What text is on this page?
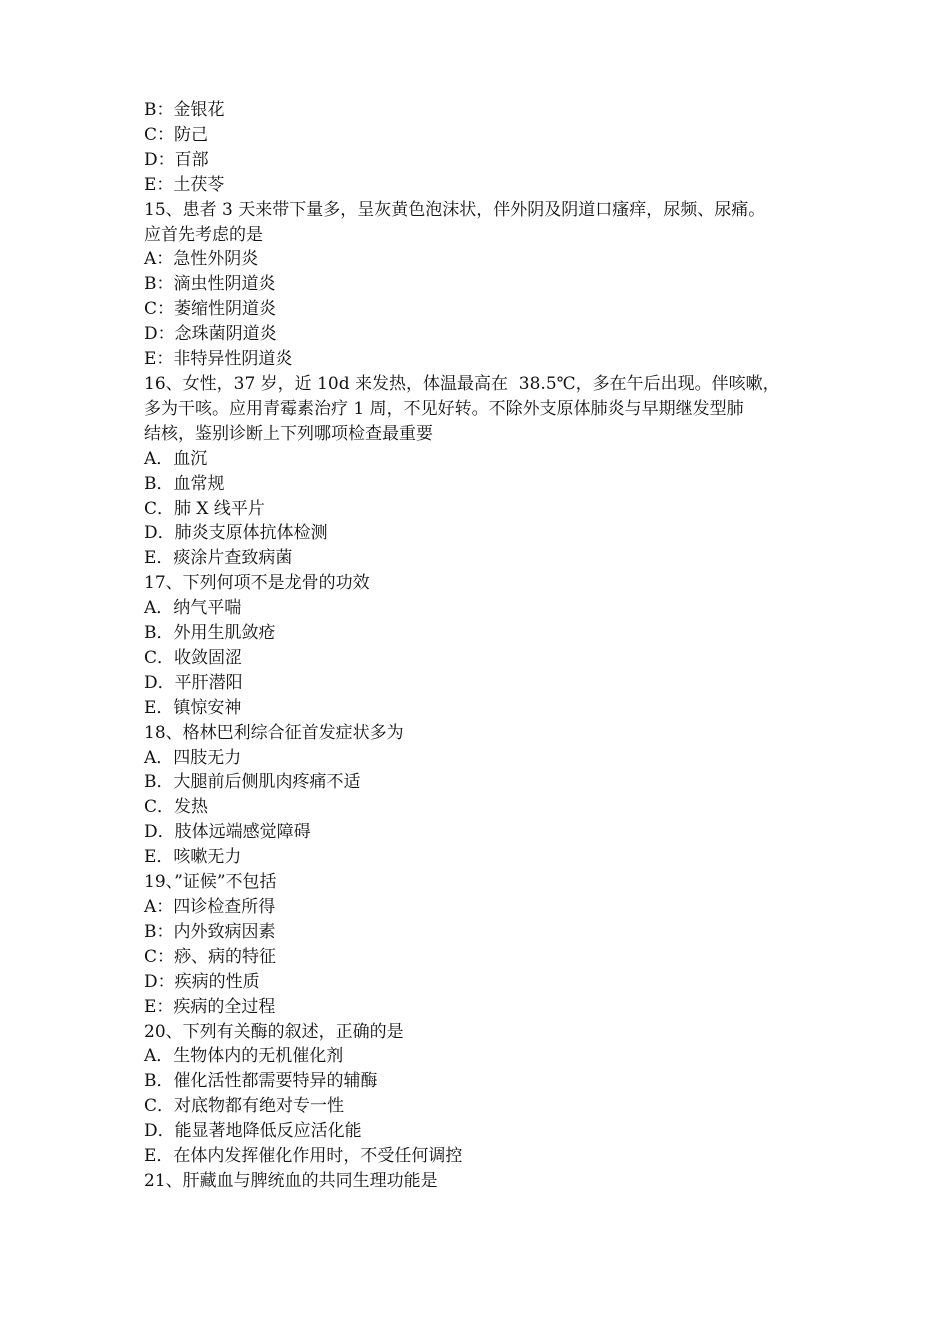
B：金银花
C：防己
D：百部
E：土茯苓
15、患者 3 天来带下量多，呈灰黄色泡沫状，伴外阴及阴道口瘙痒，尿频、尿痛。
应首先考虑的是
A：急性外阴炎
B：滴虫性阴道炎
C：萎缩性阴道炎
D：念珠菌阴道炎
E：非特异性阴道炎
16、女性，37 岁，近 10d 来发热，体温最高在  38.5℃，多在午后出现。伴咳嗽，
多为干咳。应用青霉素治疗 1 周，不见好转。不除外支原体肺炎与早期继发型肺
结核，鉴别诊断上下列哪项检查最重要
A．血沉
B．血常规
C．肺 X 线平片
D．肺炎支原体抗体检测
E．痰涂片查致病菌
17、下列何项不是龙骨的功效
A．纳气平喘
B．外用生肌敛疮
C．收敛固涩
D．平肝潜阳
E．镇惊安神
18、格林巴利综合征首发症状多为
A．四肢无力
B．大腿前后侧肌肉疼痛不适
C．发热
D．肢体远端感觉障碍
E．咳嗽无力
19、”证候”不包括
A：四诊检查所得
B：内外致病因素
C：痧、病的特征
D：疾病的性质
E：疾病的全过程
20、下列有关酶的叙述，正确的是
A．生物体内的无机催化剂
B．催化活性都需要特异的辅酶
C．对底物都有绝对专一性
D．能显著地降低反应活化能
E．在体内发挥催化作用时，不受任何调控
21、肝藏血与脾统血的共同生理功能是
